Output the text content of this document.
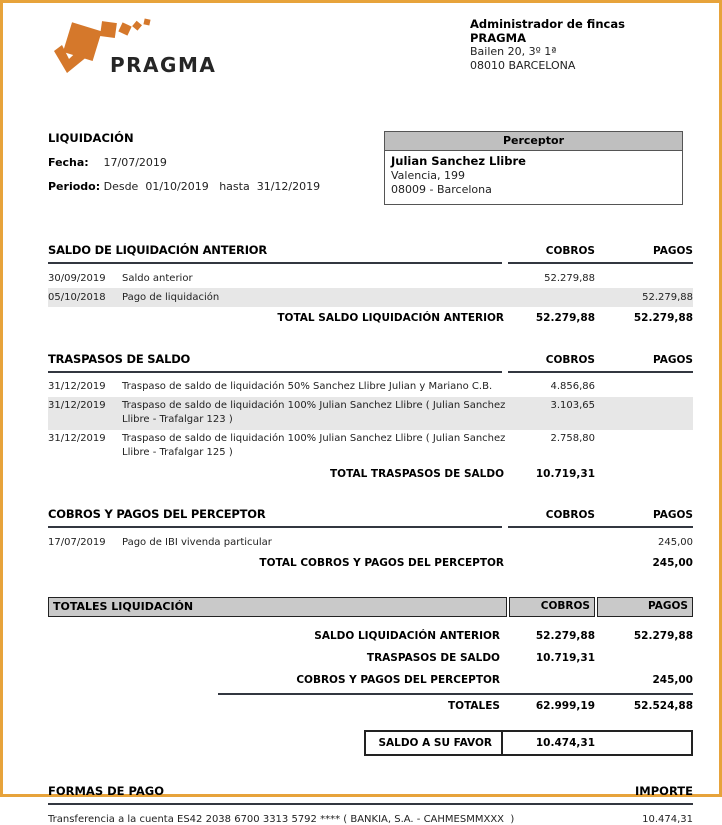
PRAGMA
Administrador de fincas
PRAGMA
Bailen 20, 3º 1ª
08010 BARCELONA
LIQUIDACIÓN
Fecha: 17/07/2019
Periodo: Desde  01/10/2019   hasta  31/12/2019
Perceptor
Julian Sanchez Llibre
Valencia, 199
08009 - Barcelona
SALDO DE LIQUIDACIÓN ANTERIOR	COBROS	PAGOS
30/09/2019	Saldo anterior	52.279,88
05/10/2018	Pago de liquidación	52.279,88
TOTAL SALDO LIQUIDACIÓN ANTERIOR	52.279,88	52.279,88
TRASPASOS DE SALDO	COBROS	PAGOS
31/12/2019	Traspaso de saldo de liquidación 50% Sanchez Llibre Julian y Mariano C.B.	4.856,86
31/12/2019	Traspaso de saldo de liquidación 100% Julian Sanchez Llibre ( Julian Sanchez Llibre - Trafalgar 123 )
3.103,65
31/12/2019	Traspaso de saldo de liquidación 100% Julian Sanchez Llibre ( Julian Sanchez Llibre - Trafalgar 125 )
2.758,80
TOTAL TRASPASOS DE SALDO	10.719,31
COBROS Y PAGOS DEL PERCEPTOR	COBROS	PAGOS
17/07/2019	Pago de IBI vivenda particular	245,00
TOTAL COBROS Y PAGOS DEL PERCEPTOR	245,00
TOTALES LIQUIDACIÓN	COBROS	PAGOS
SALDO LIQUIDACIÓN ANTERIOR	52.279,88	52.279,88
TRASPASOS DE SALDO	10.719,31
COBROS Y PAGOS DEL PERCEPTOR	245,00
TOTALES	62.999,19	52.524,88
SALDO A SU FAVOR	10.474,31
FORMAS DE PAGO	IMPORTE
Transferencia a la cuenta ES42 2038 6700 3313 5792 **** ( BANKIA, S.A. - CAHMESMMXXX  )	10.474,31
